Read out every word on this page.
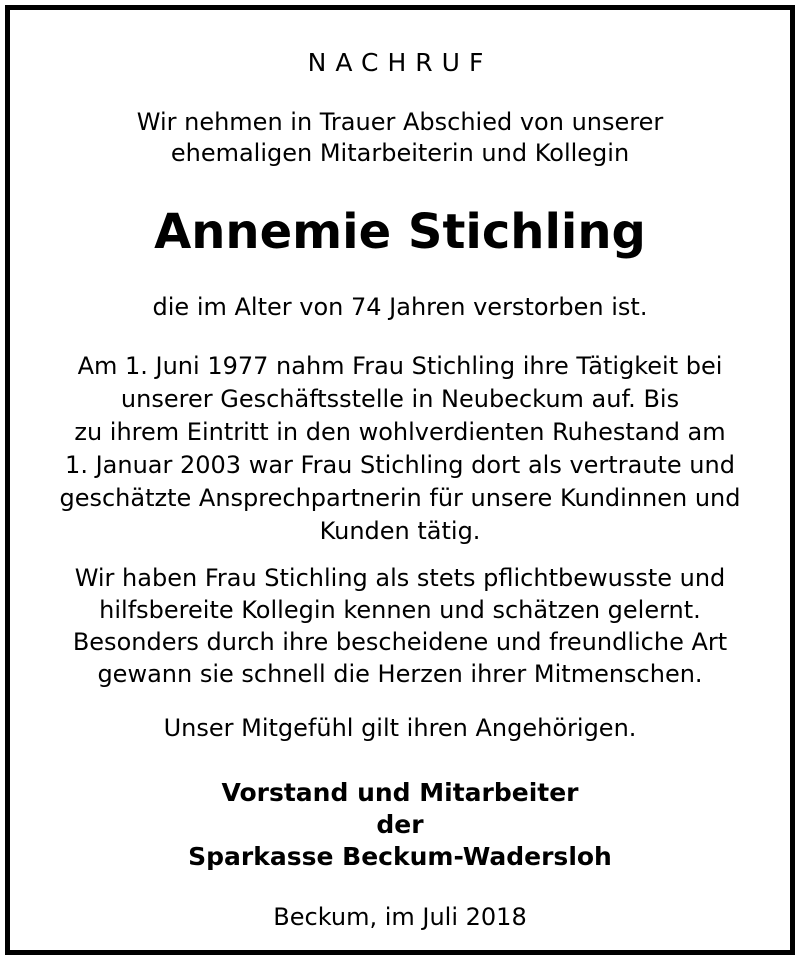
NACHRUF
Wir nehmen in Trauer Abschied von unserer
ehemaligen Mitarbeiterin und Kollegin
Annemie Stichling
die im Alter von 74 Jahren verstorben ist.
Am 1. Juni 1977 nahm Frau Stichling ihre Tätigkeit bei
unserer Geschäftsstelle in Neubeckum auf. Bis
zu ihrem Eintritt in den wohlverdienten Ruhestand am
1. Januar 2003 war Frau Stichling dort als vertraute und
geschätzte Ansprechpartnerin für unsere Kundinnen und
Kunden tätig.
Wir haben Frau Stichling als stets pflichtbewusste und
hilfsbereite Kollegin kennen und schätzen gelernt.
Besonders durch ihre bescheidene und freundliche Art
gewann sie schnell die Herzen ihrer Mitmenschen.
Unser Mitgefühl gilt ihren Angehörigen.
Vorstand und Mitarbeiter
der
Sparkasse Beckum-Wadersloh
Beckum, im Juli 2018
